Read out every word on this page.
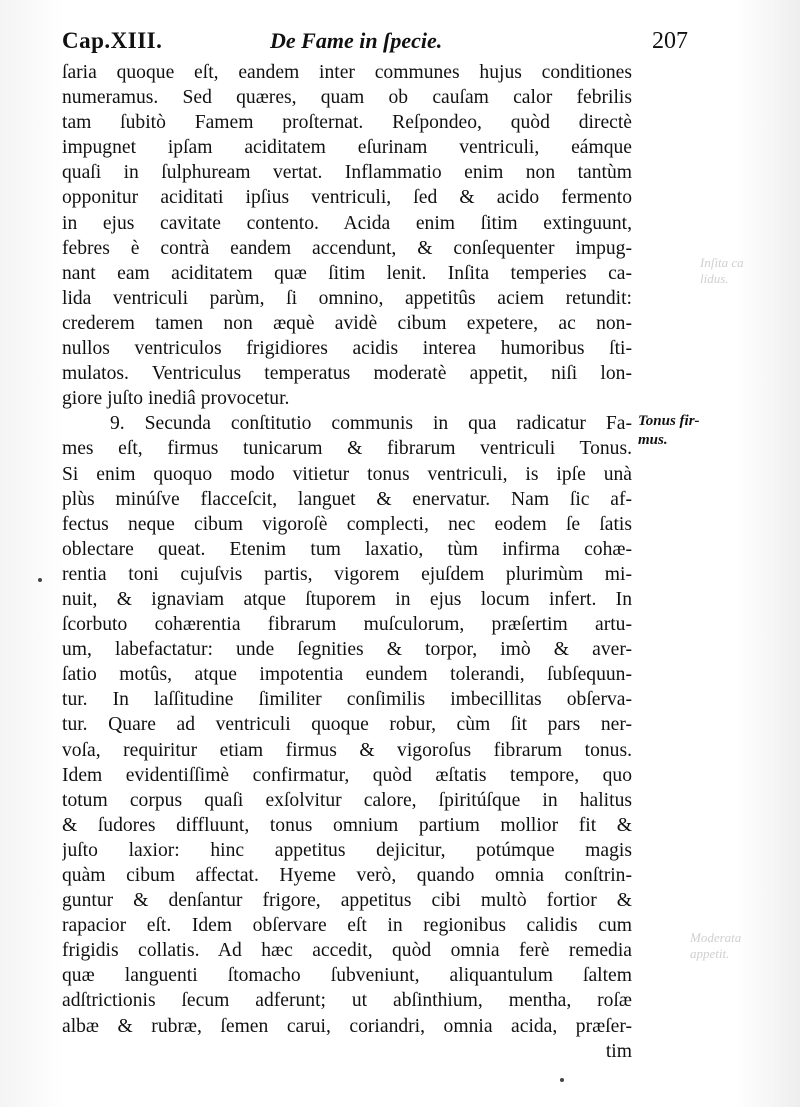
Cap.XIII.	De Fame in ſpecie.	207
ſaria quoque eſt, eandem inter communes hujus conditiones
numeramus. Sed quæres, quam ob cauſam calor febrilis
tam ſubitò Famem proſternat. Reſpondeo, quòd directè
impugnet ipſam aciditatem eſurinam ventriculi, eámque
quaſi in ſulphuream vertat. Inflammatio enim non tantùm
opponitur aciditati ipſius ventriculi, ſed & acido fermento
in ejus cavitate contento. Acida enim ſitim extinguunt,
febres è contrà eandem accendunt, & conſequenter impug-
nant eam aciditatem quæ ſitim lenit. Inſita temperies ca-
lida ventriculi parùm, ſi omnino, appetitûs aciem retundit:
crederem tamen non æquè avidè cibum expetere, ac non-
nullos ventriculos frigidiores acidis interea humoribus ſti-
mulatos. Ventriculus temperatus moderatè appetit, niſi lon-
giore juſto inediâ provocetur.
9. Secunda conſtitutio communis in qua radicatur Fa-
mes eſt, firmus tunicarum & fibrarum ventriculi Tonus.
Si enim quoquo modo vitietur tonus ventriculi, is ipſe unà
plùs minúſve flacceſcit, languet & enervatur. Nam ſic af-
fectus neque cibum vigoroſè complecti, nec eodem ſe ſatis
oblectare queat. Etenim tum laxatio, tùm infirma cohæ-
rentia toni cujuſvis partis, vigorem ejuſdem plurimùm mi-
nuit, & ignaviam atque ſtuporem in ejus locum infert. In
ſcorbuto cohærentia fibrarum muſculorum, præſertim artu-
um, labefactatur: unde ſegnities & torpor, imò & aver-
ſatio motûs, atque impotentia eundem tolerandi, ſubſequun-
tur. In laſſitudine ſimiliter conſimilis imbecillitas obſerva-
tur. Quare ad ventriculi quoque robur, cùm ſit pars ner-
voſa, requiritur etiam firmus & vigoroſus fibrarum tonus.
Idem evidentiſſimè confirmatur, quòd æſtatis tempore, quo
totum corpus quaſi exſolvitur calore, ſpiritúſque in halitus
& ſudores diffluunt, tonus omnium partium mollior fit &
juſto laxior: hinc appetitus dejicitur, potúmque magis
quàm cibum affectat. Hyeme verò, quando omnia conſtrin-
guntur & denſantur frigore, appetitus cibi multò fortior &
rapacior eſt. Idem obſervare eſt in regionibus calidis cum
frigidis collatis. Ad hæc accedit, quòd omnia ferè remedia
quæ languenti ſtomacho ſubveniunt, aliquantulum ſaltem
adſtrictionis ſecum adferunt; ut abſinthium, mentha, roſæ
albæ & rubræ, ſemen carui, coriandri, omnia acida, præſer-
tim
Tonus fir-
mus.
Inſita ca
lidus.
Moderata
appetit.
